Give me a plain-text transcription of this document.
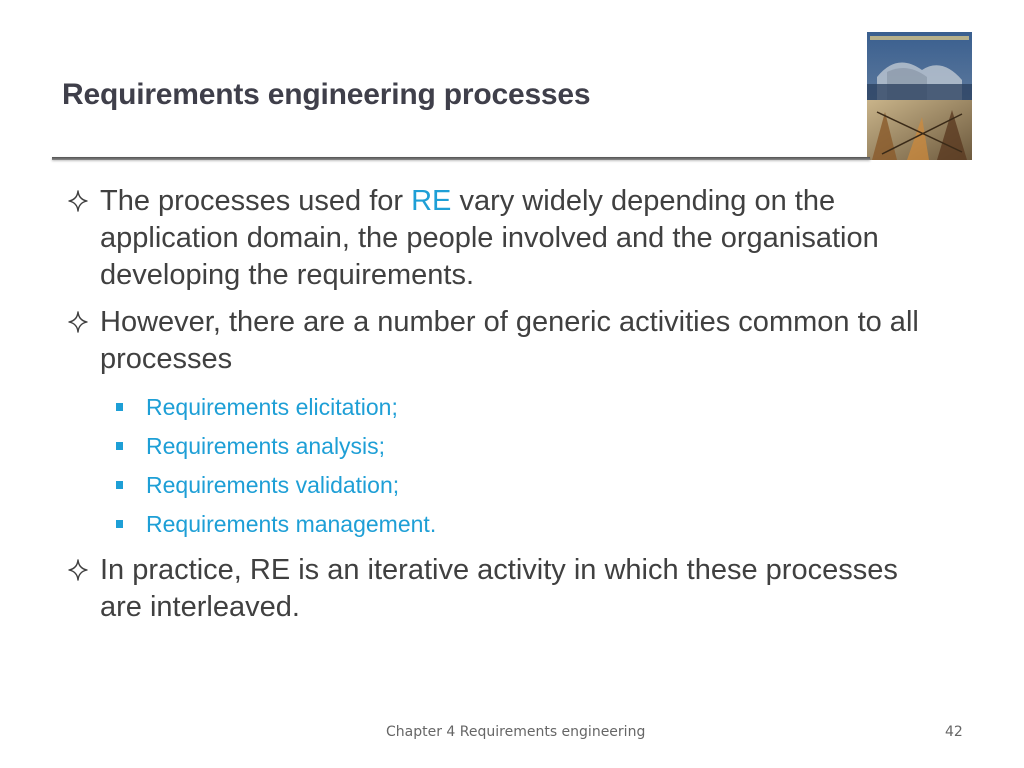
Requirements engineering processes
The processes used for RE vary widely depending on the application domain, the people involved and the organisation developing the requirements.
However, there are a number of generic activities common to all processes
Requirements elicitation;
Requirements analysis;
Requirements validation;
Requirements management.
In practice, RE is an iterative activity in which these processes are interleaved.
Chapter 4 Requirements engineering	42
